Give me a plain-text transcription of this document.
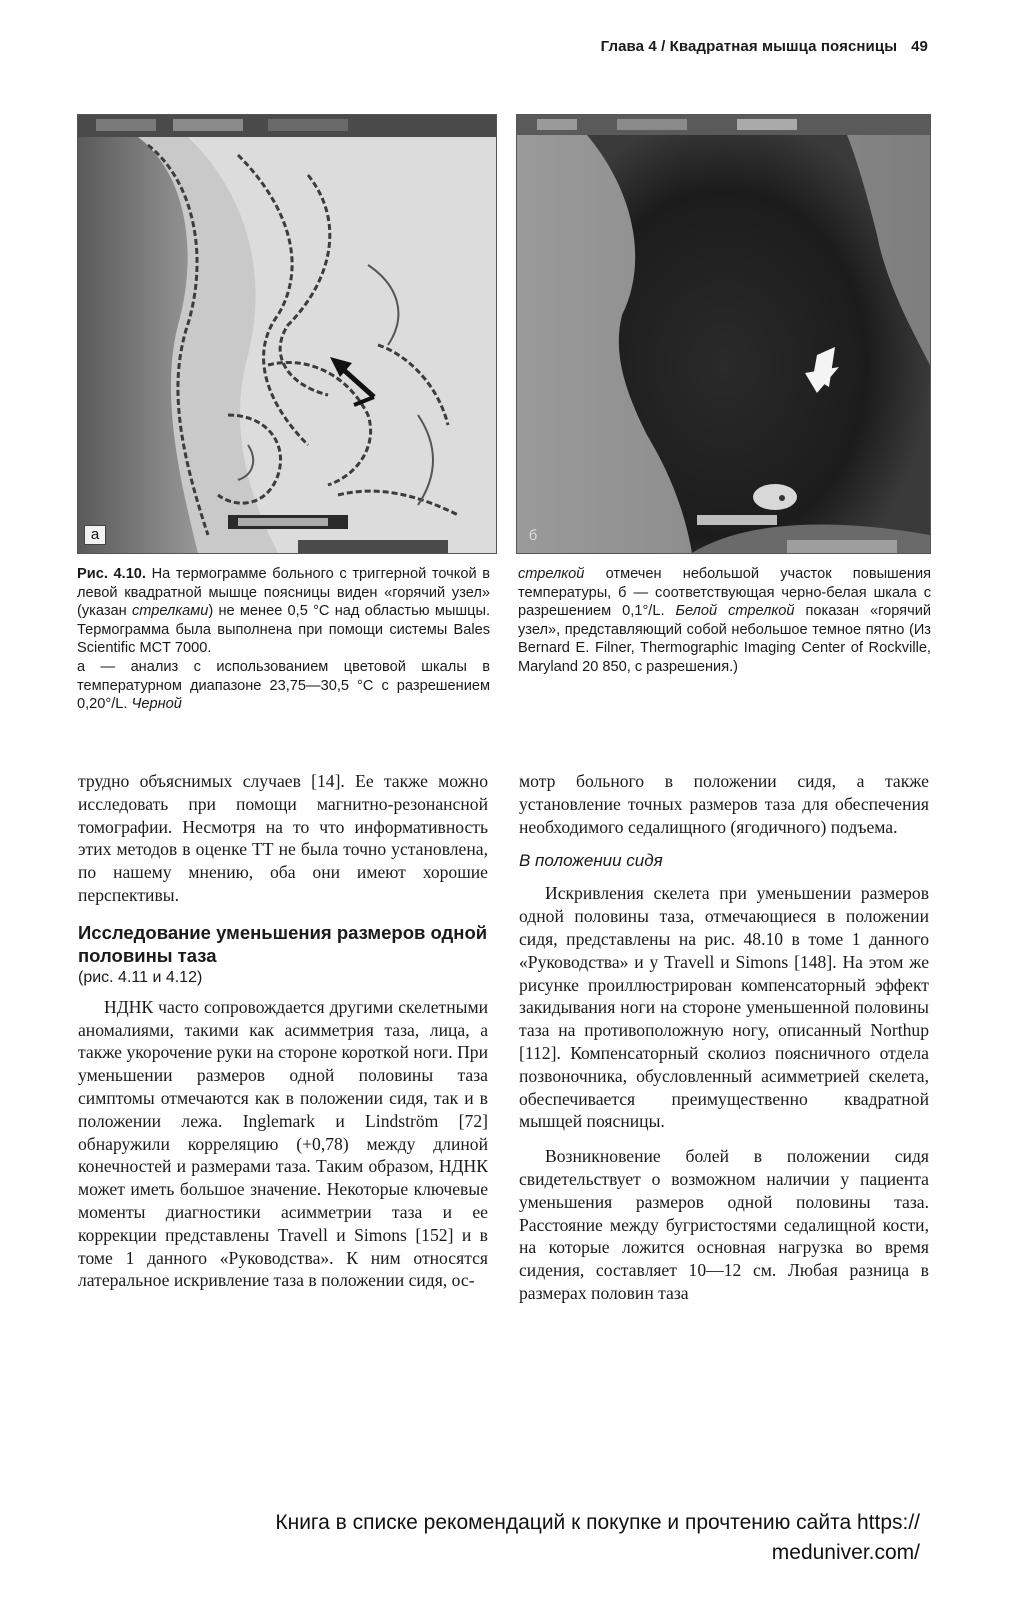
Глава 4 / Квадратная мышца поясницы 49
а	б
Рис. 4.10. На термограмме больного с триггерной точкой в левой квадратной мышце поясницы виден «горячий узел» (указан стрелками) не менее 0,5 °C над областью мышцы. Термограмма была выполнена при помощи системы Bales Scientific MCT 7000.
а — анализ с использованием цветовой шкалы в температурном диапазоне 23,75—30,5 °C с разрешением 0,20°/L. Черной
стрелкой отмечен небольшой участок повышения температуры, б — соответствующая черно-белая шкала с разрешением 0,1°/L. Белой стрелкой показан «горячий узел», представляющий собой небольшое темное пятно (Из Bernard E. Filner, Thermographic Imaging Center of Rockville, Maryland 20 850, с разрешения.)

трудно объяснимых случаев [14]. Ее также можно исследовать при помощи магнитно-резонансной томографии. Несмотря на то что информативность этих методов в оценке ТТ не была точно установлена, по нашему мнению, оба они имеют хорошие перспективы.

Исследование уменьшения размеров одной половины таза
(рис. 4.11 и 4.12)

НДНК часто сопровождается другими скелетными аномалиями, такими как асимметрия таза, лица, а также укорочение руки на стороне короткой ноги. При уменьшении размеров одной половины таза симптомы отмечаются как в положении сидя, так и в положении лежа. Inglemark и Lindström [72] обнаружили корреляцию (+0,78) между длиной конечностей и размерами таза. Таким образом, НДНК может иметь большое значение. Некоторые ключевые моменты диагностики асимметрии таза и ее коррекции представлены Travell и Simons [152] и в томе 1 данного «Руководства». К ним относятся латеральное искривление таза в положении сидя, ос-

мотр больного в положении сидя, а также установление точных размеров таза для обеспечения необходимого седалищного (ягодичного) подъема.

В положении сидя

Искривления скелета при уменьшении размеров одной половины таза, отмечающиеся в положении сидя, представлены на рис. 48.10 в томе 1 данного «Руководства» и у Travell и Simons [148]. На этом же рисунке проиллюстрирован компенсаторный эффект закидывания ноги на стороне уменьшенной половины таза на противоположную ногу, описанный Northup [112]. Компенсаторный сколиоз поясничного отдела позвоночника, обусловленный асимметрией скелета, обеспечивается преимущественно квадратной мышцей поясницы.

Возникновение болей в положении сидя свидетельствует о возможном наличии у пациента уменьшения размеров одной половины таза. Расстояние между бугристостями седалищной кости, на которые ложится основная нагрузка во время сидения, составляет 10—12 см. Любая разница в размерах половин таза

Книга в списке рекомендаций к покупке и прочтению сайта https://
meduniver.com/
